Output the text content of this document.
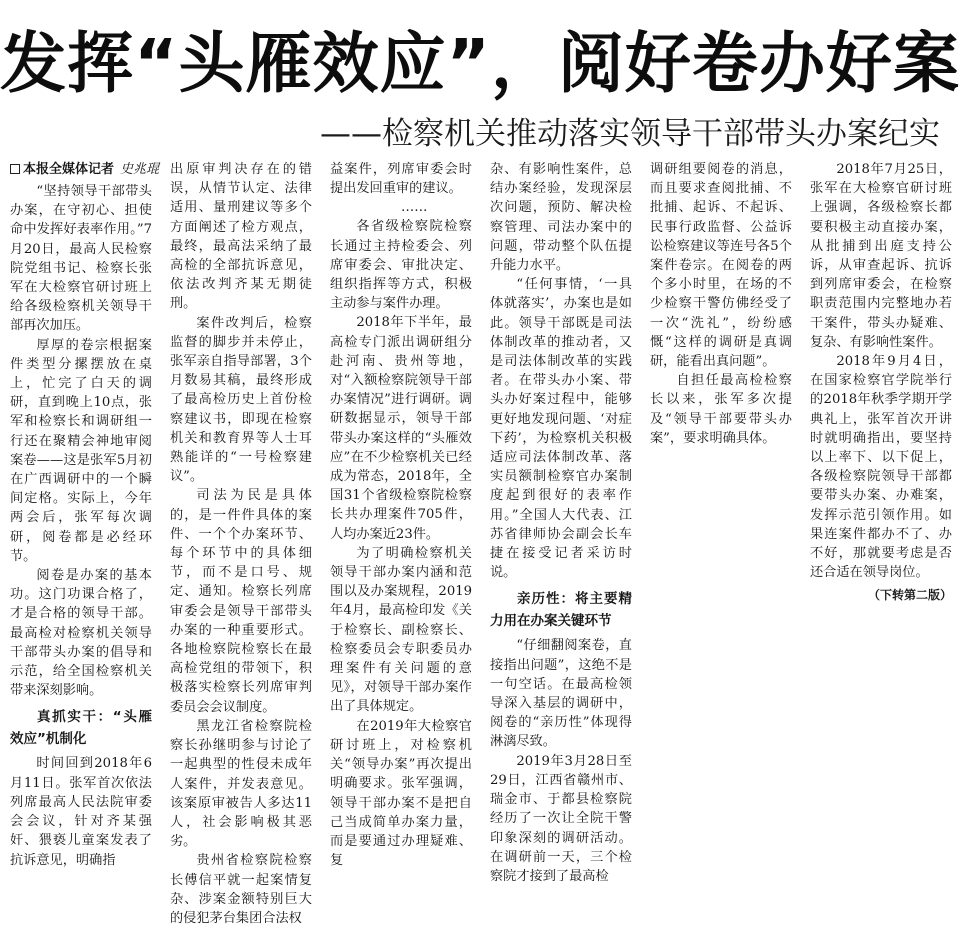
发挥“头雁效应”，阅好卷办好案
——检察机关推动落实领导干部带头办案纪实
本报全媒体记者 史兆琨

“坚持领导干部带头办案，在守初心、担使命中发挥好表率作用。”7月20日，最高人民检察院党组书记、检察长张军在大检察官研讨班上给各级检察机关领导干部再次加压。

厚厚的卷宗根据案件类型分摞摆放在桌上，忙完了白天的调研，直到晚上10点，张军和检察长和调研组一行还在聚精会神地审阅案卷——这是张军5月初在广西调研中的一个瞬间定格。实际上，今年两会后，张军每次调研，阅卷都是必经环节。

阅卷是办案的基本功。这门功课合格了，才是合格的领导干部。最高检对检察机关领导干部带头办案的倡导和示范，给全国检察机关带来深刻影响。

真抓实干：“头雁效应”机制化

时间回到2018年6月11日。张军首次依法列席最高人民法院审委会会议，针对齐某强奸、猥亵儿童案发表了抗诉意见，明确指

出原审判决存在的错误，从情节认定、法律适用、量刑建议等多个方面阐述了检方观点，最终，最高法采纳了最高检的全部抗诉意见，依法改判齐某无期徒刑。

案件改判后，检察监督的脚步并未停止，张军亲自指导部署，3个月数易其稿，最终形成了最高检历史上首份检察建议书，即现在检察机关和教育界等人士耳熟能详的“一号检察建议”。

司法为民是具体的，是一件件具体的案件、一个个办案环节、每个环节中的具体细节，而不是口号、规定、通知。检察长列席审委会是领导干部带头办案的一种重要形式。各地检察院检察长在最高检党组的带领下，积极落实检察长列席审判委员会会议制度。

黑龙江省检察院检察长孙继明参与讨论了一起典型的性侵未成年人案件，并发表意见。该案原审被告人多达11人，社会影响极其恶劣。

贵州省检察院检察长傅信平就一起案情复杂、涉案金额特别巨大的侵犯茅台集团合法权

益案件，列席审委会时提出发回重审的建议。

……

各省级检察院检察长通过主持检委会、列席审委会、审批决定、组织指挥等方式，积极主动参与案件办理。

2018年下半年，最高检专门派出调研组分赴河南、贵州等地，对“入额检察院领导干部办案情况”进行调研。调研数据显示，领导干部带头办案这样的“头雁效应”在不少检察机关已经成为常态，2018年，全国31个省级检察院检察长共办理案件705件，人均办案近23件。

为了明确检察机关领导干部办案内涵和范围以及办案规程，2019年4月，最高检印发《关于检察长、副检察长、检察委员会专职委员办理案件有关问题的意见》，对领导干部办案作出了具体规定。

在2019年大检察官研讨班上，对检察机关“领导办案”再次提出明确要求。张军强调，领导干部办案不是把自己当成简单办案力量，而是要通过办理疑难、复

杂、有影响性案件，总结办案经验，发现深层次问题，预防、解决检察管理、司法办案中的问题，带动整个队伍提升能力水平。

“任何事情，‘一具体就落实’，办案也是如此。领导干部既是司法体制改革的推动者，又是司法体制改革的实践者。在带头办小案、带头办好案过程中，能够更好地发现问题、‘对症下药’，为检察机关积极适应司法体制改革、落实员额制检察官办案制度起到很好的表率作用。”全国人大代表、江苏省律师协会副会长车捷在接受记者采访时说。

亲历性：将主要精力用在办案关键环节

“仔细翻阅案卷，直接指出问题”，这绝不是一句空话。在最高检领导深入基层的调研中，阅卷的“亲历性”体现得淋漓尽致。

2019年3月28日至29日，江西省赣州市、瑞金市、于都县检察院经历了一次让全院干警印象深刻的调研活动。在调研前一天，三个检察院才接到了最高检

调研组要阅卷的消息，而且要求查阅批捕、不批捕、起诉、不起诉、民事行政监督、公益诉讼检察建议等连号各5个案件卷宗。在阅卷的两个多小时里，在场的不少检察干警仿佛经受了一次“洗礼”，纷纷感慨“这样的调研是真调研，能看出真问题”。

自担任最高检检察长以来，张军多次提及“领导干部要带头办案”，要求明确具体。

2018年7月25日，张军在大检察官研讨班上强调，各级检察长都要积极主动直接办案，从批捕到出庭支持公诉，从审查起诉、抗诉到列席审委会，在检察职责范围内完整地办若干案件，带头办疑难、复杂、有影响性案件。

2018年9月4日，在国家检察官学院举行的2018年秋季学期开学典礼上，张军首次开讲时就明确指出，要坚持以上率下、以下促上，各级检察院领导干部都要带头办案、办难案，发挥示范引领作用。如果连案件都办不了、办不好，那就要考虑是否还合适在领导岗位。

（下转第二版）
